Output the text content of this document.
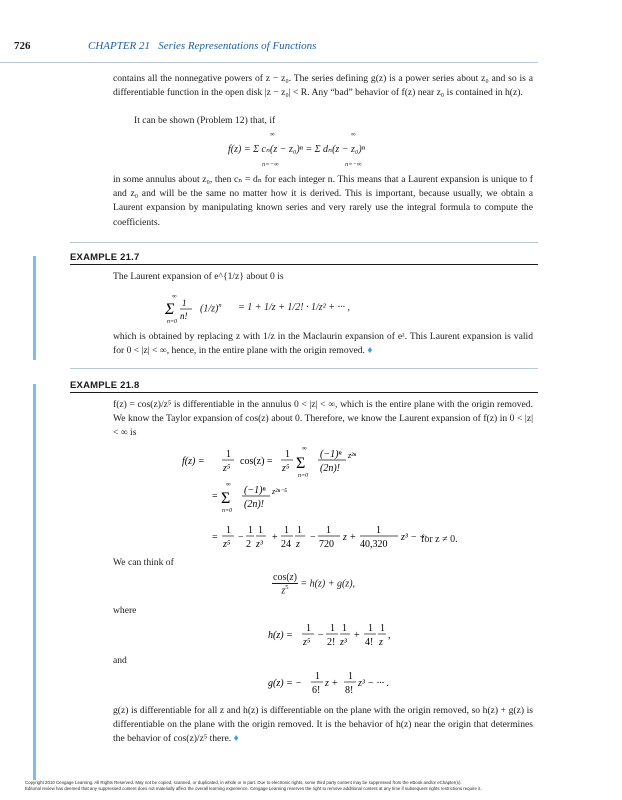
726	CHAPTER 21 Series Representations of Functions
contains all the nonnegative powers of z − z₀. The series defining g(z) is a power series about z₀ and so is a differentiable function in the open disk |z − z₀| < R. Any “bad” behavior of f(z) near z₀ is contained in h(z).
It can be shown (Problem 12) that, if
∞	∞
f(z) = Σ cₙ(z − z₀)ⁿ = Σ dₙ(z − z₀)ⁿ
n=−∞	n=−∞
in some annulus about z₀, then cₙ = dₙ for each integer n. This means that a Laurent expansion is unique to f and z₀ and will be the same no matter how it is derived. This is important, because usually, we obtain a Laurent expansion by manipulating known series and very rarely use the integral formula to compute the coefficients.
EXAMPLE 21.7
The Laurent expansion of e^{1/z} about 0 is
∞
Σ
n=0
1
n!
$(1/z)^n = 1 + 1/z + 1/2$! · 1/z² + ··· ,
which is obtained by replacing z with 1/z in the Maclaurin expansion of eᶻ. This Laurent expansion is valid for 0 < |z| < ∞, hence, in the entire plane with the origin removed. ♦
EXAMPLE 21.8
f(z) = cos(z)/z⁵ is differentiable in the annulus 0 < |z| < ∞, which is the entire plane with the origin removed. We know the Taylor expansion of cos(z) about 0. Therefore, we know the Laurent expansion of f(z) in 0 < |z| < ∞ is
f(z) =
1
z⁵
cos(z) =
1
z⁵
∞
Σ
n=0
(−1)ⁿ
(2n)!
z²ⁿ
=
∞
Σ
n=0
(−1)ⁿ
(2n)!
z²ⁿ⁻⁵
=
1
z⁵
−
1
2
1
z³
+
1
24
1
z
−
1
720
z +
1
40,320
z³ − ···
for z ≠ 0.
We can think of
$\frac{\cos(z)}{z^5} = h(z) + g(z)$,
where
h(z) =
1
z⁵
−
1
2!
1
z³
+
1
4!
1
z
,
and
g(z) = −
1
6!
z +
1
8!
z³ − ··· .
g(z) is differentiable for all z and h(z) is differentiable on the plane with the origin removed, so h(z) + g(z) is differentiable on the plane with the origin removed. It is the behavior of h(z) near the origin that determines the behavior of cos(z)/z⁵ there. ♦
Copyright 2010 Cengage Learning. All Rights Reserved. May not be copied, scanned, or duplicated, in whole or in part. Due to electronic rights, some third party content may be suppressed from the eBook and/or eChapter(s).
Editorial review has deemed that any suppressed content does not materially affect the overall learning experience. Cengage Learning reserves the right to remove additional content at any time if subsequent rights restrictions require it.
